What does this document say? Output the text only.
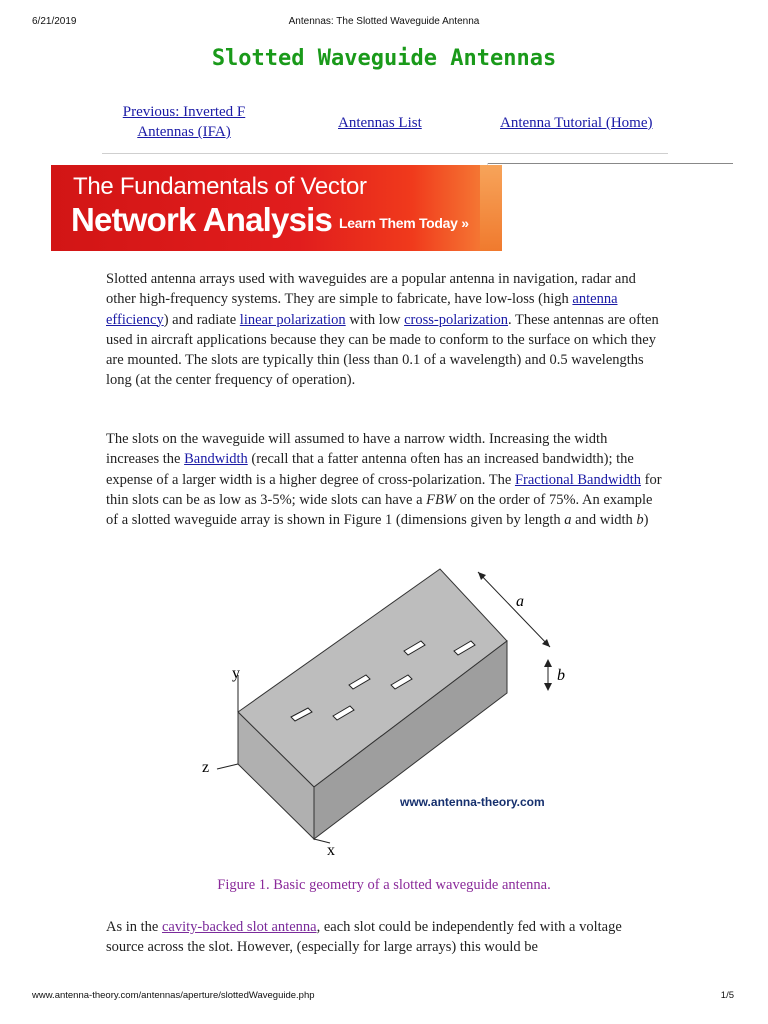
6/21/2019	Antennas: The Slotted Waveguide Antenna
Slotted Waveguide Antennas
Previous: Inverted F Antennas (IFA)
Antennas List	Antenna Tutorial (Home)
The Fundamentals of Vector
Network Analysis Learn Them Today »

Slotted antenna arrays used with waveguides are a popular antenna in navigation, radar and other high-frequency systems. They are simple to fabricate, have low-loss (high antenna efficiency) and radiate linear polarization with low cross-polarization. These antennas are often used in aircraft applications because they can be made to conform to the surface on which they are mounted. The slots are typically thin (less than 0.1 of a wavelength) and 0.5 wavelengths long (at the center frequency of operation).

The slots on the waveguide will assumed to have a narrow width. Increasing the width increases the Bandwidth (recall that a fatter antenna often has an increased bandwidth); the expense of a larger width is a higher degree of cross-polarization. The Fractional Bandwidth for thin slots can be as low as 3-5%; wide slots can have a FBW on the order of 75%. An example of a slotted waveguide array is shown in Figure 1 (dimensions given by length a and width b)

y
z
x
a
b
www.antenna-theory.com
Figure 1. Basic geometry of a slotted waveguide antenna.

As in the cavity-backed slot antenna, each slot could be independently fed with a voltage source across the slot. However, (especially for large arrays) this would be

www.antenna-theory.com/antennas/aperture/slottedWaveguide.php	1/5
